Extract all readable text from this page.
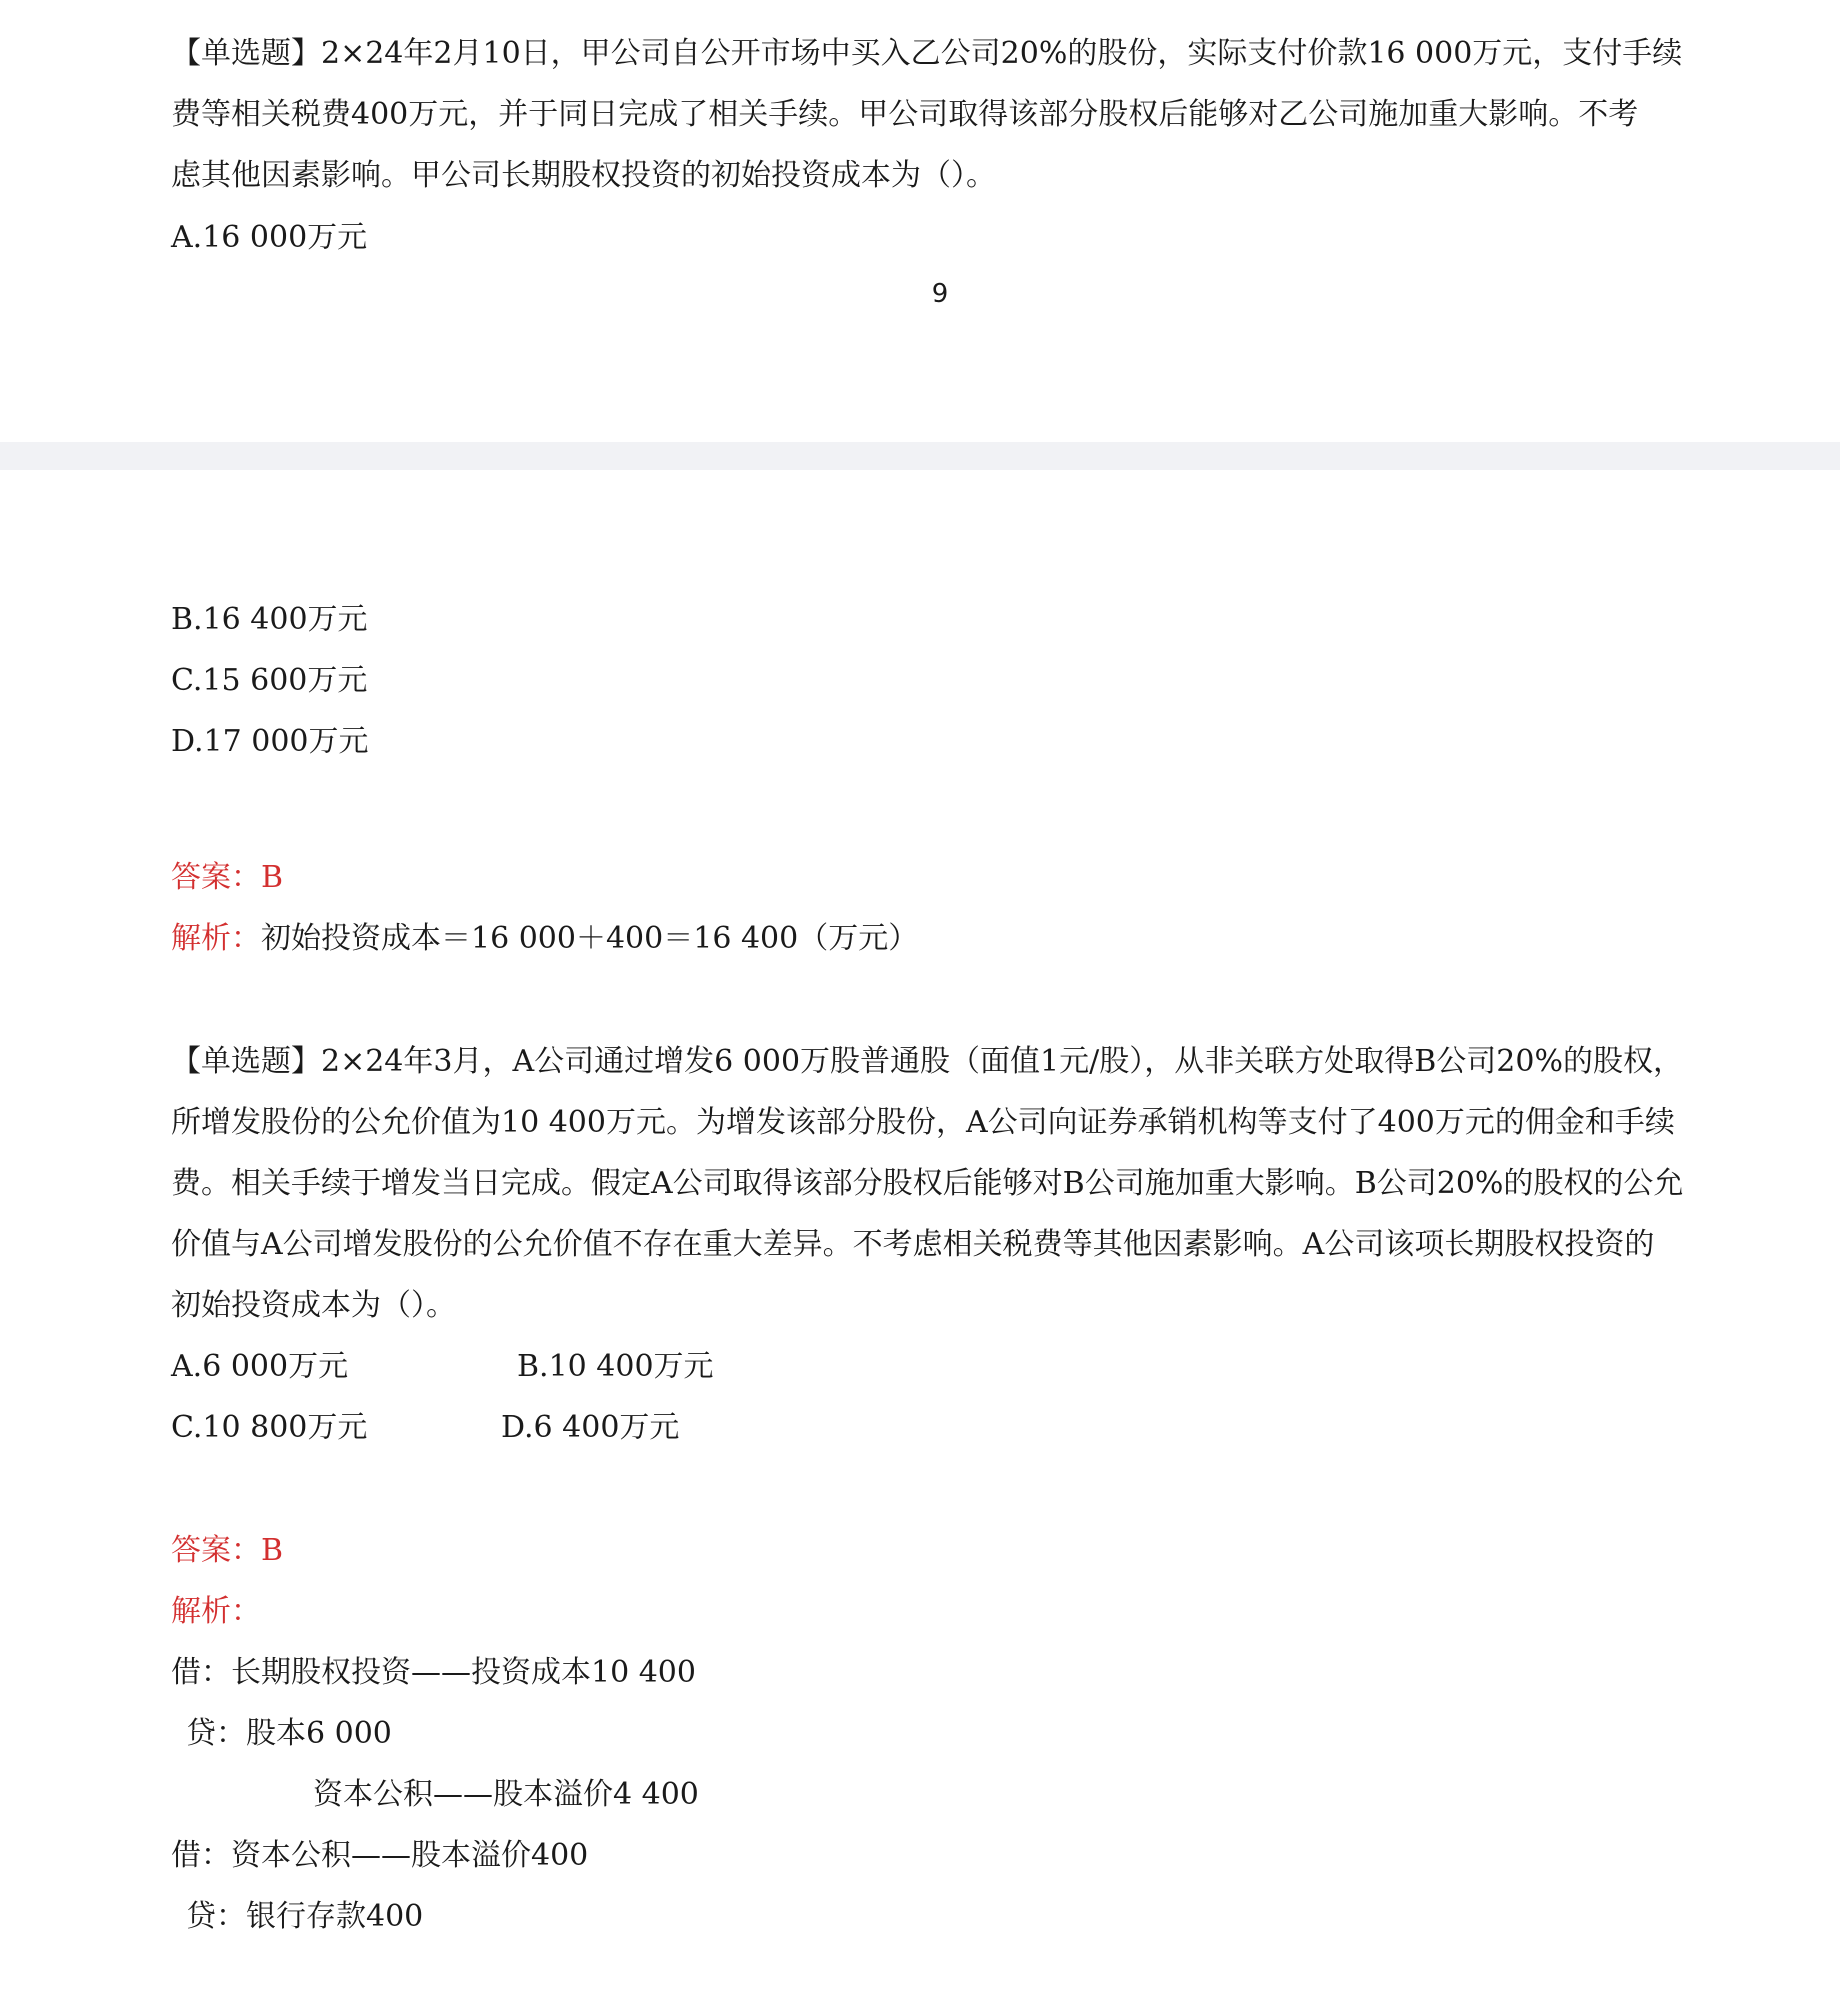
【单选题】2×24年2月10日，甲公司自公开市场中买入乙公司20%的股份，实际支付价款16 000万元，支付手续
费等相关税费400万元，并于同日完成了相关手续。甲公司取得该部分股权后能够对乙公司施加重大影响。不考
虑其他因素影响。甲公司长期股权投资的初始投资成本为（）。
A.16 000万元
9
B.16 400万元
C.15 600万元
D.17 000万元
答案：B
解析：初始投资成本＝16 000＋400＝16 400（万元）
【单选题】2×24年3月，A公司通过增发6 000万股普通股（面值1元/股），从非关联方处取得B公司20%的股权，
所增发股份的公允价值为10 400万元。为增发该部分股份，A公司向证券承销机构等支付了400万元的佣金和手续
费。相关手续于增发当日完成。假定A公司取得该部分股权后能够对B公司施加重大影响。B公司20%的股权的公允
价值与A公司增发股份的公允价值不存在重大差异。不考虑相关税费等其他因素影响。A公司该项长期股权投资的
初始投资成本为（）。
A.6 000万元	B.10 400万元
C.10 800万元	D.6 400万元
答案：B
解析：
借：长期股权投资——投资成本10 400
贷：股本6 000
资本公积——股本溢价4 400
借：资本公积——股本溢价400
贷：银行存款400
